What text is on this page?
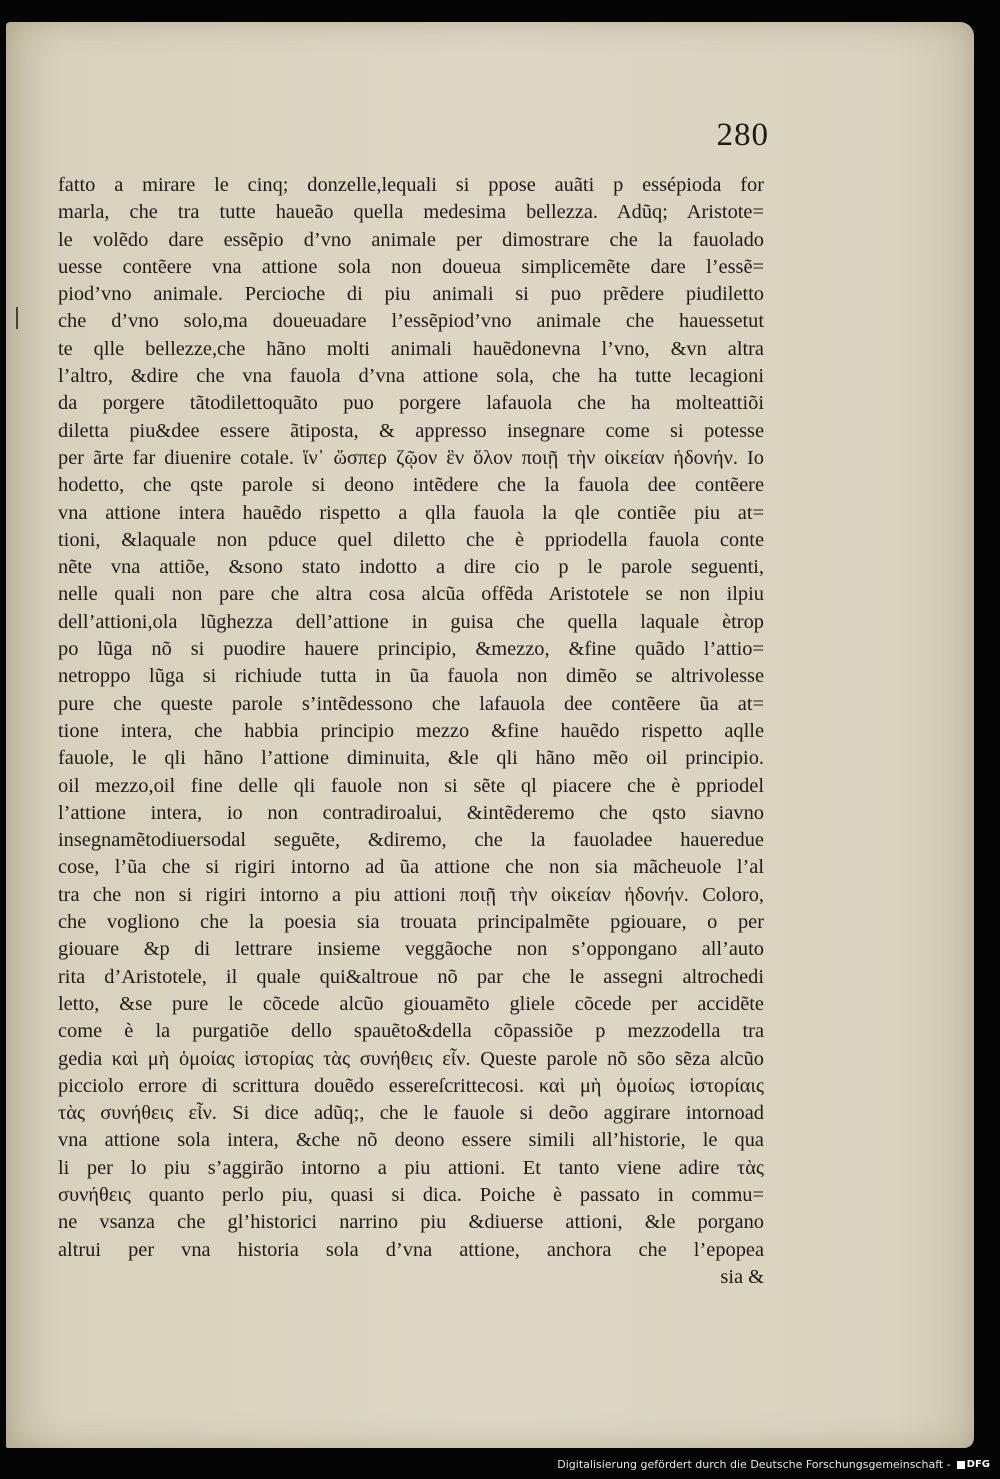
280
fatto a mirare le cinq; donzelle,lequali si ppose auãti p essépioda for
marla, che tra tutte haueão quella medesima bellezza. Adũq; Aristote=
le volẽdo dare essẽpio d’vno animale per dimostrare che la fauolado
uesse contẽere vna attione sola non doueua simplicemẽte dare l’essẽ=
piod’vno animale. Percioche di piu animali si puo prẽdere piudiletto
che d’vno solo,ma doueuadare l’essẽpiod’vno animale che hauessetut
te qlle bellezze,che hãno molti animali hauẽdonevna l’vno, &vn altra
l’altro, &dire che vna fauola d’vna attione sola, che ha tutte lecagioni
da porgere tãtodilettoquãto puo porgere lafauola che ha molteattiõi
diletta piu&dee essere ãtiposta, & appresso insegnare come si potesse
per ãrte far diuenire cotale. ἵν᾽ ὥσπερ ζῷον ἓν ὅλον ποιῇ τὴν οἰκείαν ἡδονήν. Io
hodetto, che qste parole si deono intẽdere che la fauola dee contẽere
vna attione intera hauẽdo rispetto a qlla fauola la qle contiẽe piu at=
tioni, &laquale non pduce quel diletto che è ppriodella fauola conte
nẽte vna attiõe, &sono stato indotto a dire cio p le parole seguenti,
nelle quali non pare che altra cosa alcũa offẽda Aristotele se non ilpiu
dell’attioni,ola lũghezza dell’attione in guisa che quella laquale ètrop
po lũga nõ si puodire hauere principio, &mezzo, &fine quãdo l’attio=
netroppo lũga si richiude tutta in ũa fauola non dimẽo se altrivolesse
pure che queste parole s’intẽdessono che lafauola dee contẽere ũa at=
tione intera, che habbia principio mezzo &fine hauẽdo rispetto aqlle
fauole, le qli hãno l’attione diminuita, &le qli hãno mẽo oil principio.
oil mezzo,oil fine delle qli fauole non si sẽte ql piacere che è ppriodel
l’attione intera, io non contradiroalui, &intẽderemo che qsto siavno
insegnamẽtodiuersodal seguẽte, &diremo, che la fauoladee haueredue
cose, l’ũa che si rigiri intorno ad ũa attione che non sia mãcheuole l’al
tra che non si rigiri intorno a piu attioni ποιῇ τὴν οἰκείαν ἡδονήν. Coloro,
che vogliono che la poesia sia trouata principalmẽte pgiouare, o per
giouare &p di lettrare insieme veggãoche non s’oppongano all’auto
rita d’Aristotele, il quale qui&altroue nõ par che le assegni altrochedi
letto, &se pure le cõcede alcũo giouamẽto gliele cõcede per accidẽte
come è la purgatiõe dello spauẽto&della cõpassiõe p mezzodella tra
gedia καὶ μὴ ὁμοίας ἱστορίας τὰς συνήθεις εἶν. Queste parole nõ sõo sẽza alcũo
picciolo errore di scrittura douẽdo essereſcrittecosi. καὶ μὴ ὁμοίως ἱστορίαις
τὰς συνήθεις εἶν. Si dice adũq;, che le fauole si deõo aggirare intornoad
vna attione sola intera, &che nõ deono essere simili all’historie, le qua
li per lo piu s’aggirão intorno a piu attioni. Et tanto viene adire τὰς
συνήθεις quanto perlo piu, quasi si dica. Poiche è passato in commu=
ne vsanza che gl’historici narrino piu &diuerse attioni, &le porgano
altrui per vna historia sola d’vna attione, anchora che l’epopea
sia &
Digitalisierung gefördert durch die Deutsche Forschungsgemeinschaft - DFG
